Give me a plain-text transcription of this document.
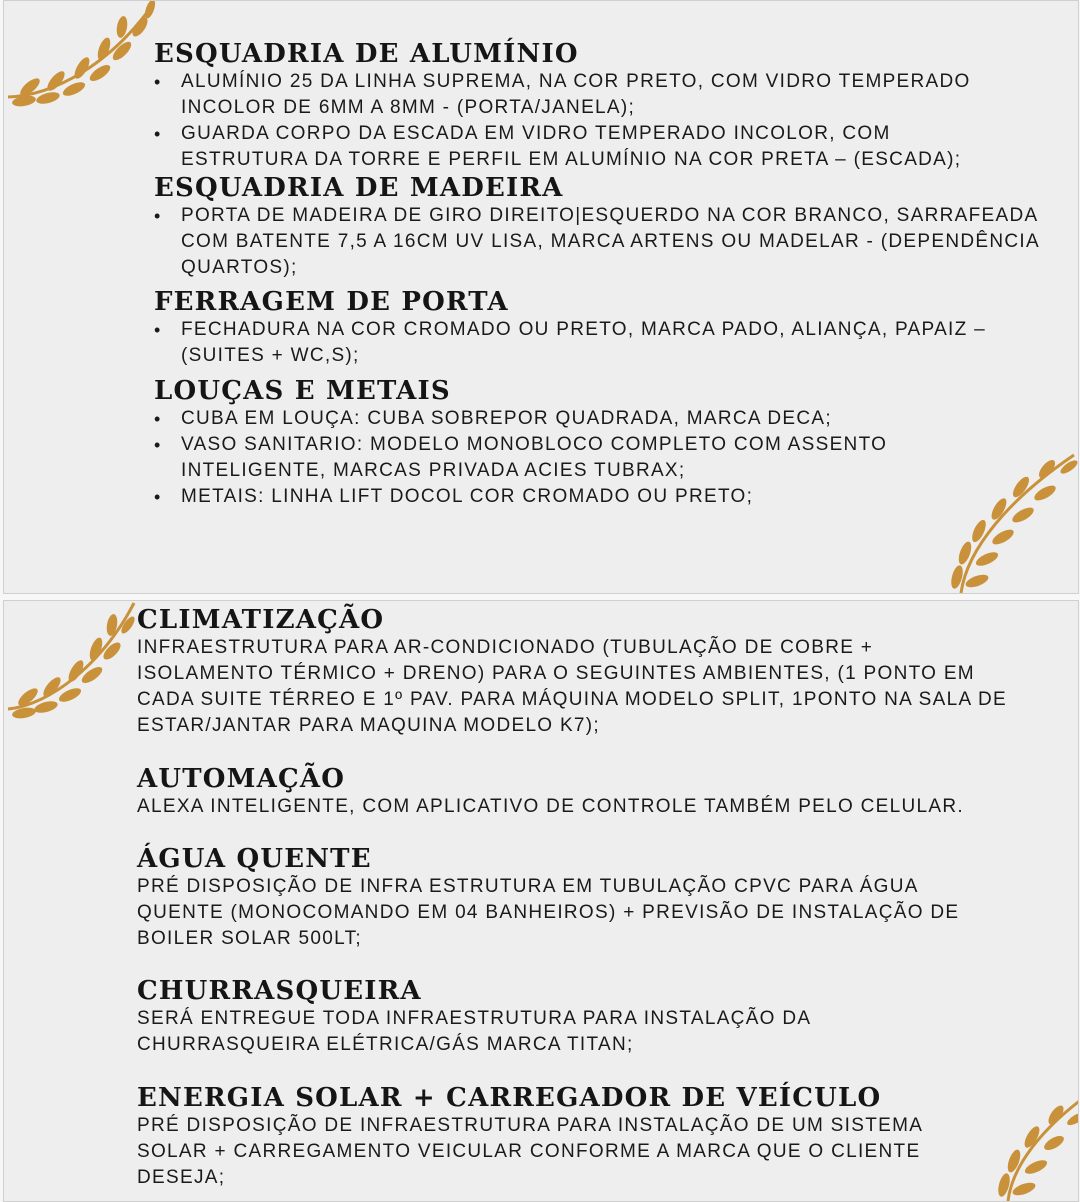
ESQUADRIA DE ALUMÍNIO
• ALUMÍNIO 25 DA LINHA SUPREMA, NA COR PRETO, COM VIDRO TEMPERADO INCOLOR DE 6MM A 8MM - (PORTA/JANELA);
• GUARDA CORPO DA ESCADA EM VIDRO TEMPERADO INCOLOR, COM ESTRUTURA DA TORRE E PERFIL EM ALUMÍNIO NA COR PRETA – (ESCADA);
ESQUADRIA DE MADEIRA
• PORTA DE MADEIRA DE GIRO DIREITO|ESQUERDO NA COR BRANCO, SARRAFEADA COM BATENTE 7,5 A 16CM UV LISA, MARCA ARTENS OU MADELAR - (DEPENDÊNCIA QUARTOS);
FERRAGEM DE PORTA
• FECHADURA NA COR CROMADO OU PRETO, MARCA PADO, ALIANÇA, PAPAIZ – (SUITES + WC,S);
LOUÇAS E METAIS
• CUBA EM LOUÇA: CUBA SOBREPOR QUADRADA, MARCA DECA;
• VASO SANITARIO: MODELO MONOBLOCO COMPLETO COM ASSENTO INTELIGENTE, MARCAS PRIVADA ACIES TUBRAX;
• METAIS: LINHA LIFT DOCOL COR CROMADO OU PRETO;
CLIMATIZAÇÃO

INFRAESTRUTURA PARA AR-CONDICIONADO (TUBULAÇÃO DE COBRE + ISOLAMENTO TÉRMICO + DRENO) PARA O SEGUINTES AMBIENTES, (1 PONTO EM CADA SUITE TÉRREO E 1º PAV. PARA MÁQUINA MODELO SPLIT, 1PONTO NA SALA DE ESTAR/JANTAR PARA MAQUINA MODELO K7);

AUTOMAÇÃO

ALEXA INTELIGENTE, COM APLICATIVO DE CONTROLE TAMBÉM PELO CELULAR.

ÁGUA QUENTE

PRÉ DISPOSIÇÃO DE INFRA ESTRUTURA EM TUBULAÇÃO CPVC PARA ÁGUA QUENTE (MONOCOMANDO EM 04 BANHEIROS) + PREVISÃO DE INSTALAÇÃO DE BOILER SOLAR 500LT;

CHURRASQUEIRA

SERÁ ENTREGUE TODA INFRAESTRUTURA PARA INSTALAÇÃO DA CHURRASQUEIRA ELÉTRICA/GÁS MARCA TITAN;

ENERGIA SOLAR + CARREGADOR DE VEÍCULO

PRÉ DISPOSIÇÃO DE INFRAESTRUTURA PARA INSTALAÇÃO DE UM SISTEMA SOLAR + CARREGAMENTO VEICULAR CONFORME A MARCA QUE O CLIENTE DESEJA;
